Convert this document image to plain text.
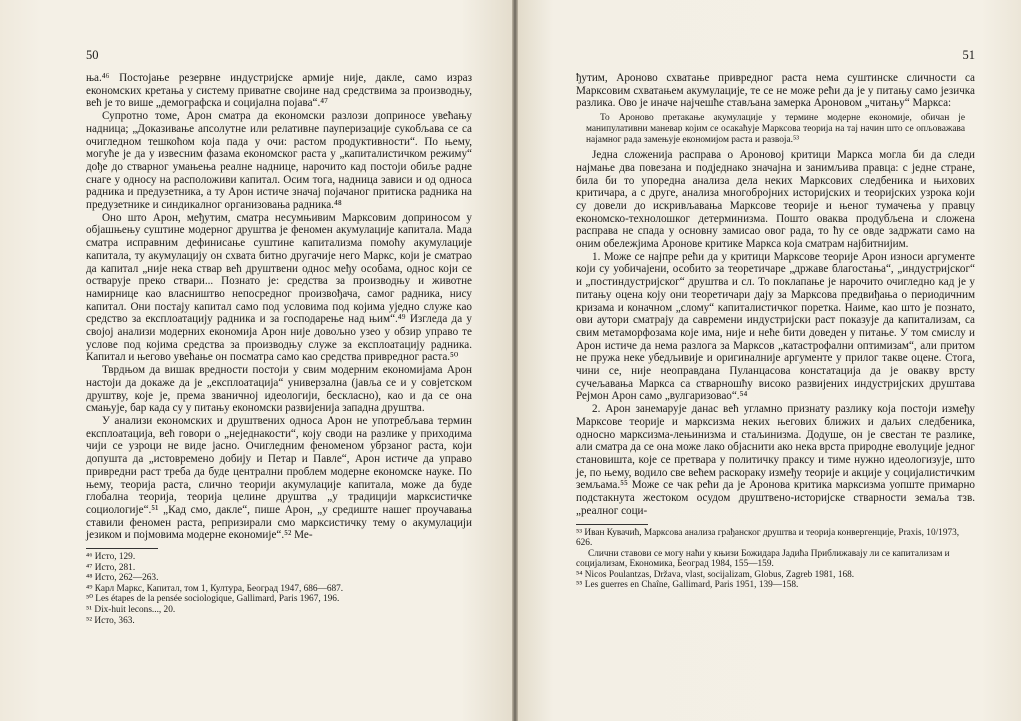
50

ња.⁴⁶ Постојање резервне индустријске армије није, дакле, само израз економских кретања у систему приватне својине над средствима за производњу, већ је то више „демографска и социјална појава“.⁴⁷

Супротно томе, Арон сматра да економски разлози доприносе увећању надница; „Доказивање апсолутне или релативне пауперизације сукобљава се са очигледном тешкоћом која пада у очи: растом продуктивности“. По њему, могуће је да у извесним фазама економског раста у „капиталистичком режиму“ дође до стварног умањења реалне наднице, нарочито кад постоји обиље радне снаге у односу на расположиви капитал. Осим тога, надница зависи и од односа радника и предузетника, а ту Арон истиче значај појачаног притиска радника на предузетнике и синдикалног организовања радника.⁴⁸

Оно што Арон, међутим, сматра несумњивим Марксовим доприносом у објашњењу суштине модерног друштва је феномен акумулације капитала. Мада сматра исправним дефинисање суштине капитализма помоћу акумулације капитала, ту акумулацију он схвата битно другачије него Маркс, који је сматрао да капитал „није нека ствар већ друштвени однос међу особама, однос који се остварује преко ствари... Познато је: средства за производњу и животне намирнице као власништво непосредног произвођача, самог радника, нису капитал. Они постају капитал само под условима под којима уједно служе као средство за експлоатацију радника и за господарење над њим“.⁴⁹ Изгледа да у својој анализи модерних економија Арон није довољно узео у обзир управо те услове под којима средства за производњу служе за експлоатацију радника. Капитал и његово увећање он посматра само као средства привредног раста.⁵⁰

Тврдњом да вишак вредности постоји у свим модерним економијама Арон настоји да докаже да је „експлоатација“ универзална (јавља се и у совјетском друштву, које је, према званичној идеологији, бескласно), као и да се она смањује, бар када су у питању економски развијенија западна друштва.

У анализи економских и друштвених односа Арон не употребљава термин експлоатација, већ говори о „неједнакости“, коју своди на разлике у приходима чији се узроци не виде јасно. Очигледним феноменом убрзаног раста, који допушта да „истовремено добију и Петар и Павле“, Арон истиче да управо привредни раст треба да буде централни проблем модерне економске науке. По њему, теорија раста, слично теорији акумулације капитала, може да буде глобална теорија, теорија целине друштва „у традицији марксистичке социологије“.⁵¹ „Кад смо, дакле“, пише Арон, „у средиште нашег проучавања ставили феномен раста, репризирали смо марксистичку тему о акумулацији језиком и појмовима модерне економије“.⁵² Ме-

⁴⁶ Исто, 129.
⁴⁷ Исто, 281.
⁴⁸ Исто, 262—263.
⁴⁹ Карл Маркс, Капитал, том 1, Култура, Београд 1947, 686—687.
⁵⁰ Les étapes de la pensée sociologique, Gallimard, Paris 1967, 196.
⁵¹ Dix-huit lecons..., 20.
⁵² Исто, 363.
51

ђутим, Ароново схватање привредног раста нема суштинске сличности са Марксовим схватањем акумулације, те се не може рећи да је у питању само језичка разлика. Ово је иначе најчешће стављана замерка Ароновом „читању“ Маркса:

То Ароново претакање акумулације у термине модерне економије, обичан је манипулативни маневар којим се осакаћује Марксова теорија на тај начин што се опљоважава најамног рада замењује економијом раста и развоја.⁵³

Једна сложенија расправа о Ароновој критици Маркса могла би да следи најмање два повезана и подједнако значајна и занимљива правца: с једне стране, била би то упоредна анализа дела неких Марксових следбеника и њихових критичара, а с друге, анализа многобројних историјских и теоријских узрока који су довели до искривљавања Марксове теорије и њеног тумачења у правцу економско-технолошког детерминизма. Пошто оваква продубљена и сложена расправа не спада у основну замисао овог рада, то ћу се овде задржати само на оним обележјима Аронове критике Маркса која сматрам најбитнијим.

1. Може се најпре рећи да у критици Марксове теорије Арон износи аргументе који су уобичајени, особито за теоретичаре „државе благостања“, „индустријског“ и „постиндустријског“ друштва и сл. То поклапање је нарочито очигледно кад је у питању оцена коју они теоретичари дају за Марксова предвиђања о периодичним кризама и коначном „слому“ капиталистичког поретка. Наиме, као што је познато, ови аутори сматрају да савремени индустријски раст показује да капитализам, са свим метаморфозама које има, није и неће бити доведен у питање. У том смислу и Арон истиче да нема разлога за Марксов „катастрофални оптимизам“, али притом не пружа неке убедљивије и оригиналније аргументе у прилог такве оцене. Стога, чини се, није неоправдана Пуланцасова констатација да је оваквy врсту сучељавања Маркса са стварношћу високо развијених индустријских друштава Рејмон Арон само „вулгаризовао“.⁵⁴

2. Арон занемарује данас већ угламно признату разлику која постоји између Марксове теорије и марксизма неких његових ближих и даљих следбеника, односно марксизма-лењинизма и стаљинизма. Додуше, он је свестан те разлике, али сматра да се она може лако објаснити ако нека врста природне еволуције једног становишта, које се претвара у политичку праксу и тиме нужно идеологизује, што је, по њему, водило све већем раскораку између теорије и акције у социјалистичким земљама.⁵⁵ Може се чак рећи да је Аронова критика марксизма уопште примарно подстакнута жестоком осудом друштвено-историјске стварности земаља тзв. „реалног соци-

⁵³ Иван Кувачић, Марксова анализа грађанског друштва и теорија конвергенције, Praxis, 10/1973, 626.
Слични ставови се могу наћи у књизи Божидара Јадића Приближавају ли се капитализам и социјализам, Економика, Београд 1984, 155—159.
⁵⁴ Nicos Poulantzas, Država, vlast, socijalizam, Globus, Zagreb 1981, 168.
⁵⁵ Les guerres en Chaîne, Gallimard, Paris 1951, 139—158.
